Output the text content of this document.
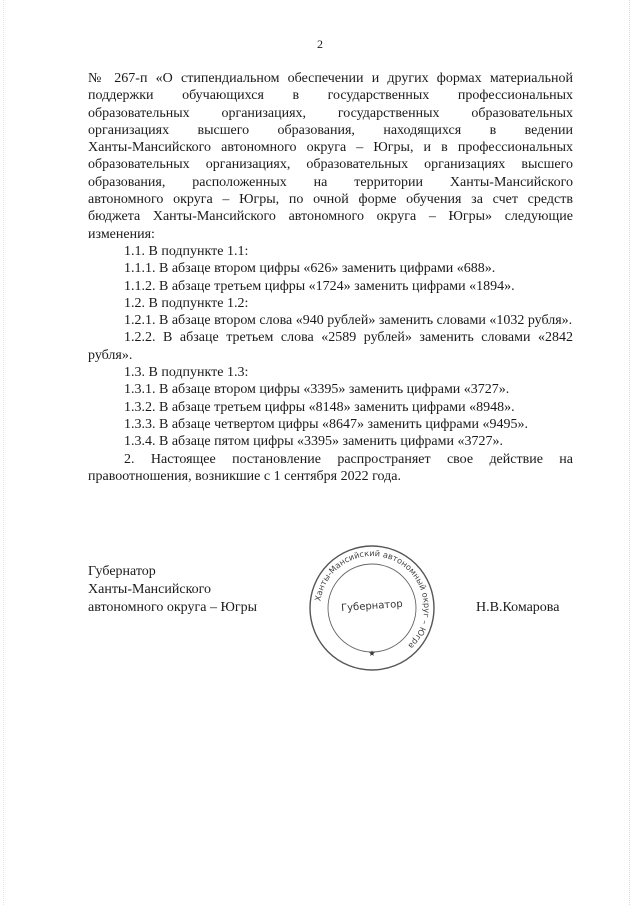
2

№ 267-п «О стипендиальном обеспечении и других формах материальной

поддержки обучающихся в государственных профессиональных

образовательных организациях, государственных образовательных

организациях высшего образования, находящихся в ведении

Ханты-Мансийского автономного округа – Югры, и в профессиональных

образовательных организациях, образовательных организациях высшего

образования, расположенных на территории Ханты-Мансийского

автономного округа – Югры, по очной форме обучения за счет средств

бюджета Ханты-Мансийского автономного округа – Югры» следующие

изменения:

1.1. В подпункте 1.1:

1.1.1. В абзаце втором цифры «626» заменить цифрами «688».

1.1.2. В абзаце третьем цифры «1724» заменить цифрами «1894».

1.2. В подпункте 1.2:

1.2.1. В абзаце втором слова «940 рублей» заменить словами «1032 рубля».

1.2.2. В абзаце третьем слова «2589 рублей» заменить словами «2842 рубля».

1.3. В подпункте 1.3:

1.3.1. В абзаце втором цифры «3395» заменить цифрами «3727».

1.3.2. В абзаце третьем цифры «8148» заменить цифрами «8948».

1.3.3. В абзаце четвертом цифры «8647» заменить цифрами «9495».

1.3.4. В абзаце пятом цифры «3395» заменить цифрами «3727».

2. Настоящее постановление распространяет свое действие на правоотношения, возникшие с 1 сентября 2022 года.

Губернатор
Ханты-Мансийского
автономного округа – Югры
Ханты-Мансийский автономный округ – Югра
Губернатор
★
Н.В.Комарова
